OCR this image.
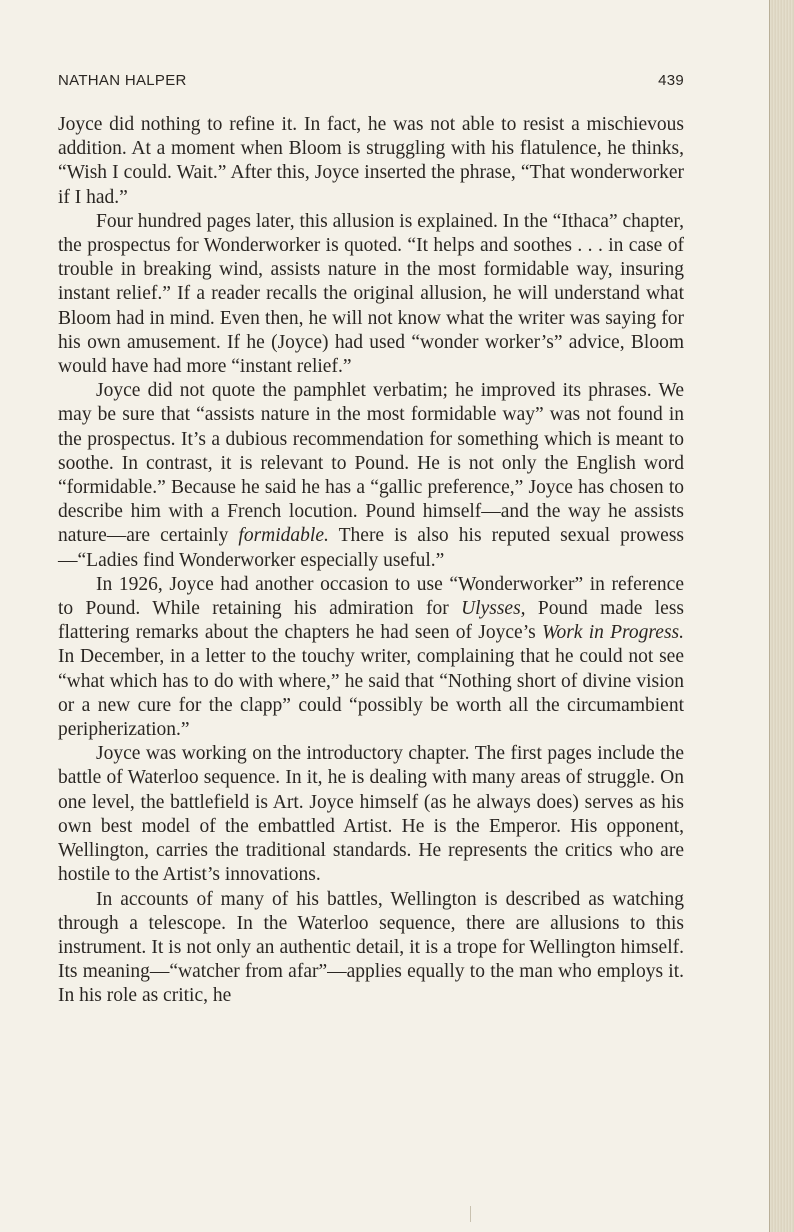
NATHAN HALPER	439

Joyce did nothing to refine it. In fact, he was not able to resist a mischievous addition. At a moment when Bloom is struggling with his flatulence, he thinks, “Wish I could. Wait.” After this, Joyce inserted the phrase, “That wonderworker if I had.”

Four hundred pages later, this allusion is explained. In the “Ithaca” chapter, the prospectus for Wonderworker is quoted. “It helps and soothes . . . in case of trouble in breaking wind, assists nature in the most formidable way, insuring instant relief.” If a reader recalls the original allusion, he will understand what Bloom had in mind. Even then, he will not know what the writer was saying for his own amusement. If he (Joyce) had used “wonder worker’s” advice, Bloom would have had more “instant relief.”

Joyce did not quote the pamphlet verbatim; he improved its phrases. We may be sure that “assists nature in the most formidable way” was not found in the prospectus. It’s a dubious recommendation for something which is meant to soothe. In contrast, it is relevant to Pound. He is not only the English word “formidable.” Because he said he has a “gallic preference,” Joyce has chosen to describe him with a French locution. Pound himself—and the way he assists nature—are certainly formidable. There is also his reputed sexual prowess—“Ladies find Wonderworker especially useful.”

In 1926, Joyce had another occasion to use “Wonderworker” in reference to Pound. While retaining his admiration for Ulysses, Pound made less flattering remarks about the chapters he had seen of Joyce’s Work in Progress. In December, in a letter to the touchy writer, complaining that he could not see “what which has to do with where,” he said that “Nothing short of divine vision or a new cure for the clapp” could “possibly be worth all the circumambient peripherization.”

Joyce was working on the introductory chapter. The first pages include the battle of Waterloo sequence. In it, he is dealing with many areas of struggle. On one level, the battlefield is Art. Joyce himself (as he always does) serves as his own best model of the embattled Artist. He is the Emperor. His opponent, Wellington, carries the traditional standards. He represents the critics who are hostile to the Artist’s innovations.

In accounts of many of his battles, Wellington is described as watching through a telescope. In the Waterloo sequence, there are allusions to this instrument. It is not only an authentic detail, it is a trope for Wellington himself. Its meaning—“watcher from afar”—applies equally to the man who employs it. In his role as critic, he
